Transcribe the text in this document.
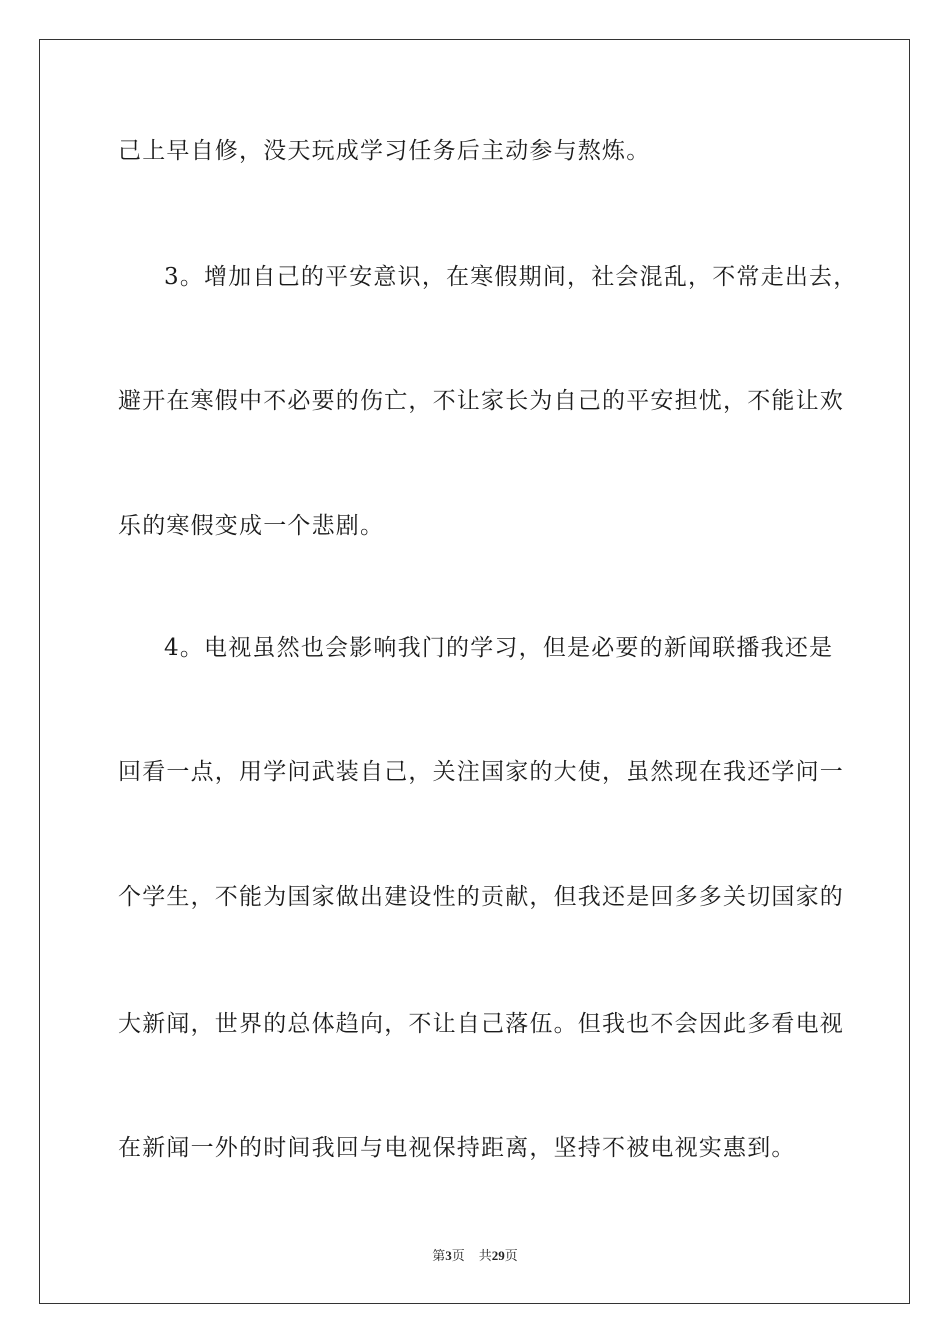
己上早自修，没天玩成学习任务后主动参与熬炼。
3。增加自己的平安意识，在寒假期间，社会混乱，不常走出去，
避开在寒假中不必要的伤亡，不让家长为自己的平安担忧，不能让欢
乐的寒假变成一个悲剧。
4。电视虽然也会影响我门的学习，但是必要的新闻联播我还是
回看一点，用学问武装自己，关注国家的大使，虽然现在我还学问一
个学生，不能为国家做出建设性的贡献，但我还是回多多关切国家的
大新闻，世界的总体趋向，不让自己落伍。但我也不会因此多看电视
在新闻一外的时间我回与电视保持距离，坚持不被电视实惠到。
第3页 共29页
